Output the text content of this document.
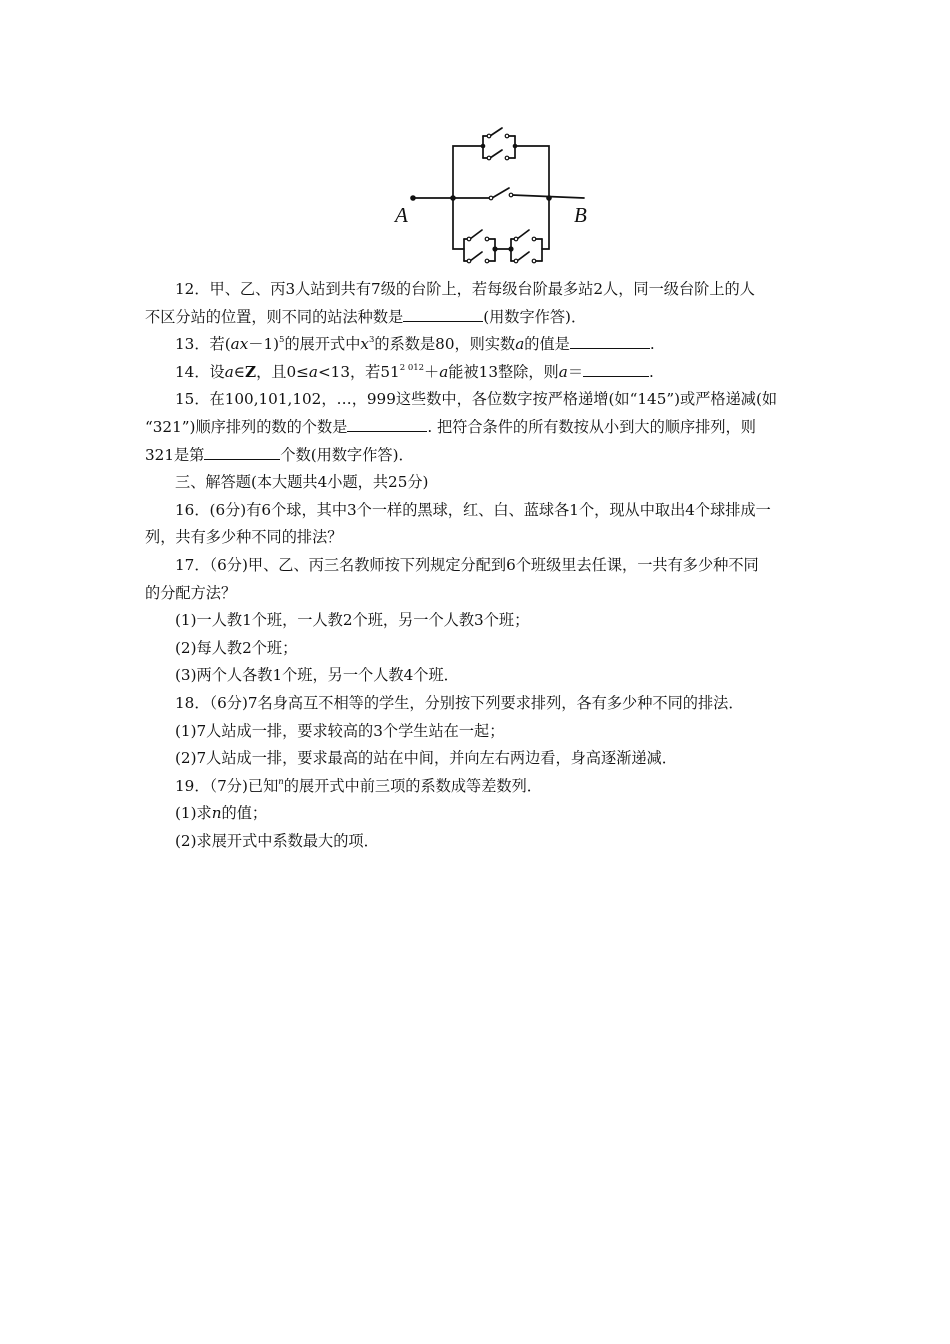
A	B

12．甲、乙、丙3人站到共有7级的台阶上，若每级台阶最多站2人，同一级台阶上的人

不区分站的位置，则不同的站法种数是	(用数字作答)．

13．若$(ax-1)^5$的展开式中$x^3$的系数是80，则实数a的值是	.

14．设a∈Z，且0≤a<13，若$51^{2 012}+a$能被13整除，则a＝	.

15．在100,101,102，…，999这些数中，各位数字按严格递增(如“145”)或严格递减(如

“321”)顺序排列的数的个数是	. 把符合条件的所有数按从小到大的顺序排列，则

321是第	个数(用数字作答)．

三、解答题(本大题共4小题，共25分)

16．(6分)有6个球，其中3个一样的黑球，红、白、蓝球各1个，现从中取出4个球排成一

列，共有多少种不同的排法？

17．（6分)甲、乙、丙三名教师按下列规定分配到6个班级里去任课，一共有多少种不同

的分配方法？

(1)一人教1个班，一人教2个班，另一个人教3个班；

(2)每人教2个班；

(3)两个人各教1个班，另一个人教4个班．

18．（6分)7名身高互不相等的学生，分别按下列要求排列，各有多少种不同的排法．

(1)7人站成一排，要求较高的3个学生站在一起；

(2)7人站成一排，要求最高的站在中间，并向左右两边看，身高逐渐递减．

19．（7分)已知$^n$的展开式中前三项的系数成等差数列．

(1)求n的值；

(2)求展开式中系数最大的项．
